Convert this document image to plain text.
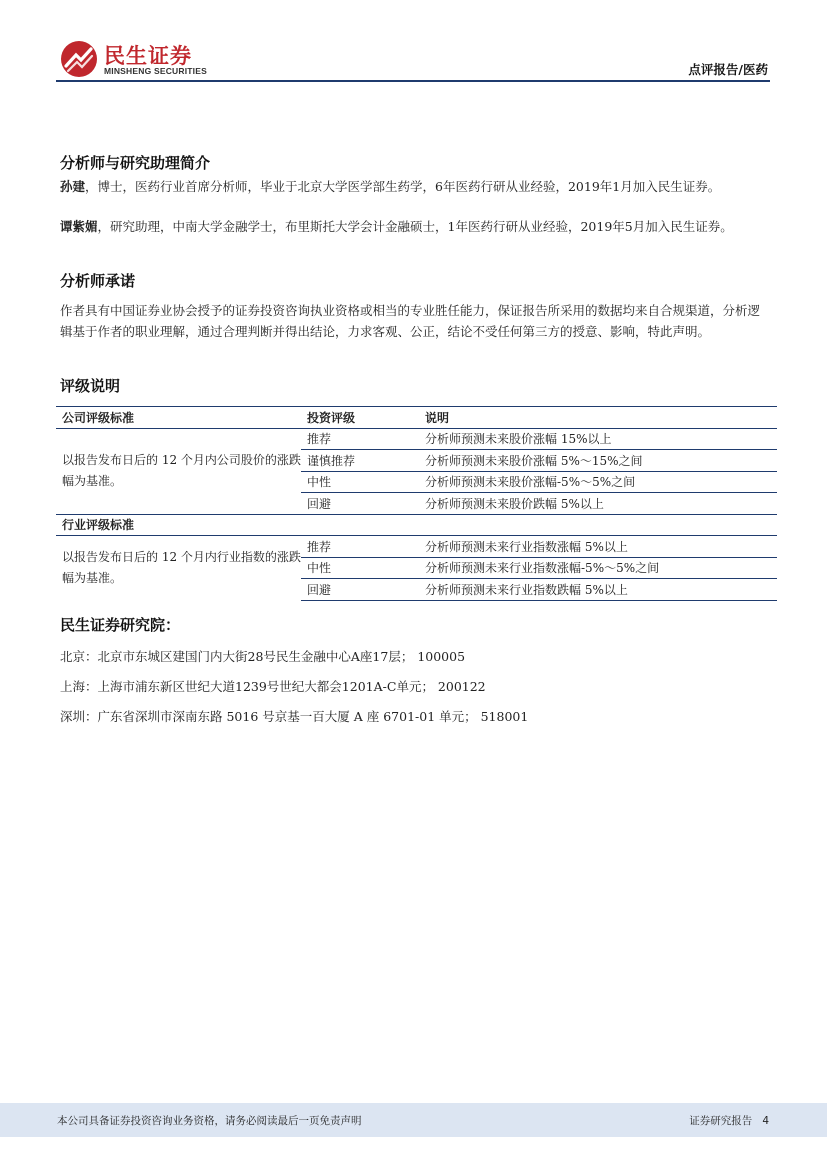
民生证券
MINSHENG SECURITIES	点评报告/医药
分析师与研究助理简介
孙建，博士，医药行业首席分析师，毕业于北京大学医学部生药学，6年医药行研从业经验，2019年1月加入民生证券。
谭紫媚，研究助理，中南大学金融学士，布里斯托大学会计金融硕士，1年医药行研从业经验，2019年5月加入民生证券。
分析师承诺
作者具有中国证券业协会授予的证券投资咨询执业资格或相当的专业胜任能力，保证报告所采用的数据均来自合规渠道，分析逻辑基于作者的职业理解，通过合理判断并得出结论，力求客观、公正，结论不受任何第三方的授意、影响，特此声明。
评级说明
公司评级标准	投资评级	说明
以报告发布日后的 12 个月内公司股价的涨跌幅为基准。	推荐	分析师预测未来股价涨幅 15%以上
	谨慎推荐	分析师预测未来股价涨幅 5%～15%之间
	中性	分析师预测未来股价涨幅-5%～5%之间
	回避	分析师预测未来股价跌幅 5%以上
行业评级标准		
以报告发布日后的 12 个月内行业指数的涨跌幅为基准。	推荐	分析师预测未来行业指数涨幅 5%以上
	中性	分析师预测未来行业指数涨幅-5%～5%之间
	回避	分析师预测未来行业指数跌幅 5%以上
民生证券研究院：
北京：北京市东城区建国门内大街28号民生金融中心A座17层； 100005
上海：上海市浦东新区世纪大道1239号世纪大都会1201A-C单元； 200122
深圳：广东省深圳市深南东路 5016 号京基一百大厦 A 座 6701-01 单元； 518001
本公司具备证券投资咨询业务资格，请务必阅读最后一页免责声明	证券研究报告 4
